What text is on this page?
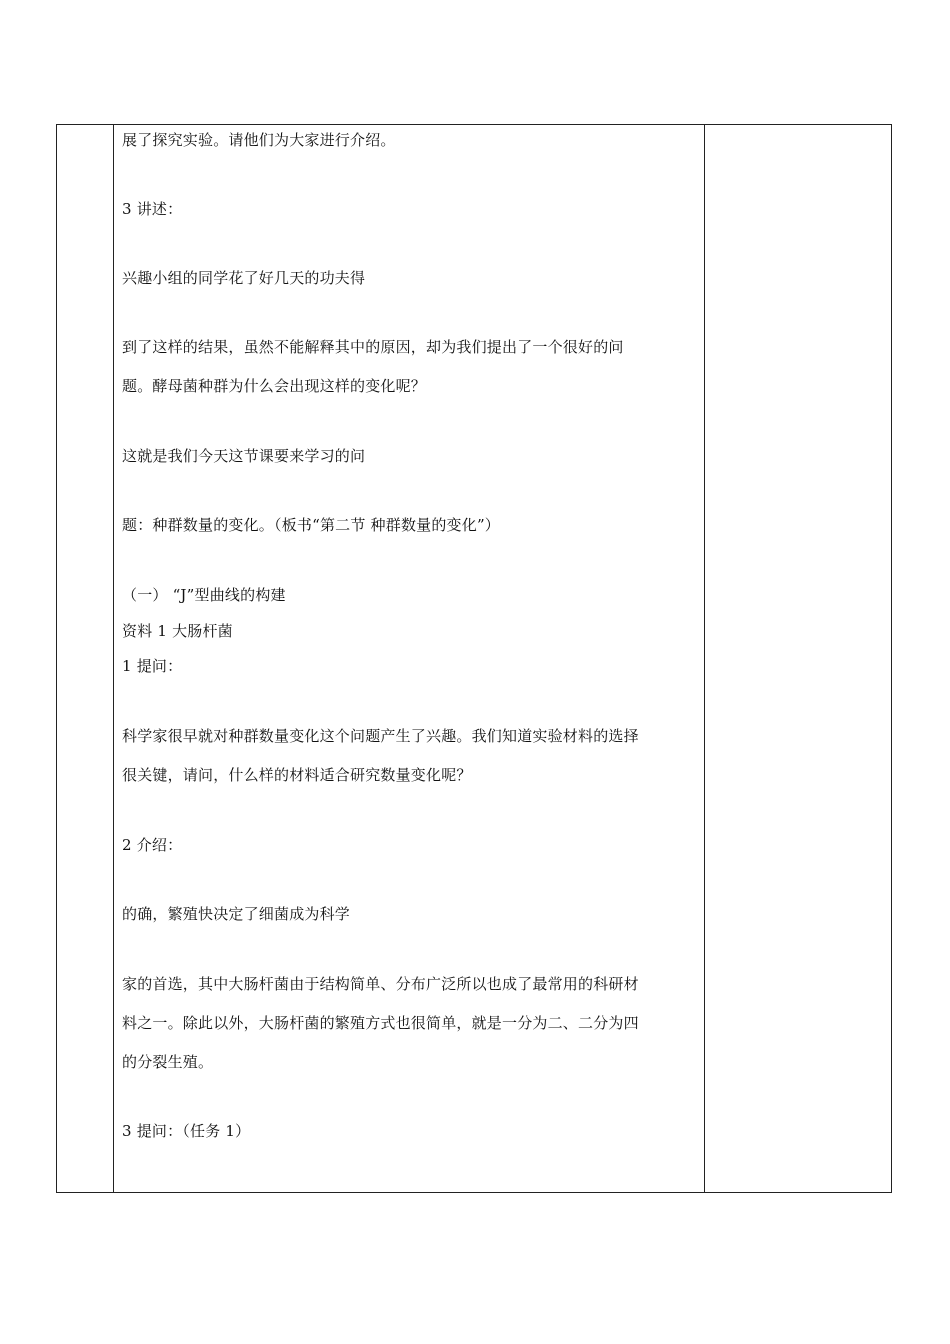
展了探究实验。请他们为大家进行介绍。
3 讲述：
兴趣小组的同学花了好几天的功夫得
到了这样的结果，虽然不能解释其中的原因，却为我们提出了一个很好的问
题。酵母菌种群为什么会出现这样的变化呢？
这就是我们今天这节课要来学习的问
题：种群数量的变化。（板书“第二节 种群数量的变化”）
（一） “J”型曲线的构建
资料 1 大肠杆菌
1 提问：
科学家很早就对种群数量变化这个问题产生了兴趣。我们知道实验材料的选择
很关键，请问，什么样的材料适合研究数量变化呢？
2 介绍：
的确，繁殖快决定了细菌成为科学
家的首选，其中大肠杆菌由于结构简单、分布广泛所以也成了最常用的科研材
料之一。除此以外，大肠杆菌的繁殖方式也很简单，就是一分为二、二分为四
的分裂生殖。
3 提问：（任务 1）
